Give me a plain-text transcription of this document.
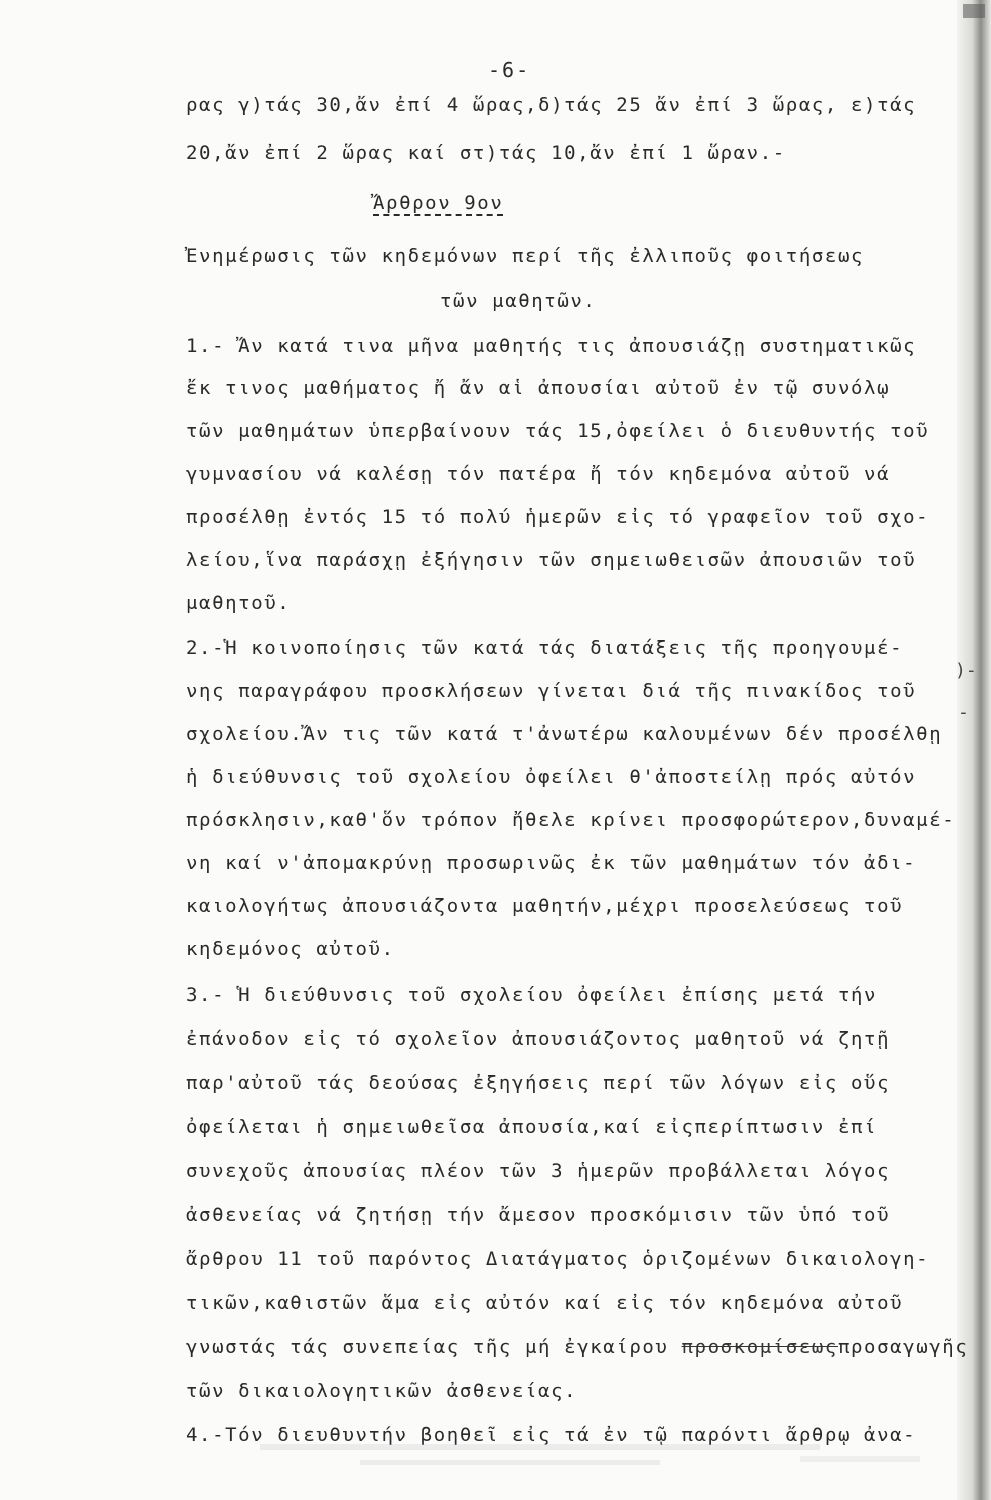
-6-
ρας γ)τάς 30,ἄν ἐπί 4 ὥρας,δ)τάς 25 ἄν ἐπί 3 ὥρας, ε)τάς
20,ἄν ἐπί 2 ὥρας καί στ)τάς 10,ἄν ἐπί 1 ὥραν.-
Ἄρθρον 9ον
Ἐνημέρωσις τῶν κηδεμόνων περί τῆς ἐλλιποῦς φοιτήσεως
τῶν μαθητῶν.
1.- Ἄν κατά τινα μῆνα μαθητής τις ἀπουσιάζῃ συστηματικῶς
ἔκ τινος μαθήματος ἤ ἄν αἱ ἀπουσίαι αὐτοῦ ἐν τῷ συνόλῳ
τῶν μαθημάτων ὑπερβαίνουν τάς 15,ὀφείλει ὁ διευθυντής τοῦ
γυμνασίου νά καλέσῃ τόν πατέρα ἤ τόν κηδεμόνα αὐτοῦ νά
προσέλθῃ ἐντός 15 τό πολύ ἡμερῶν εἰς τό γραφεῖον τοῦ σχο-
λείου,ἵνα παράσχῃ ἐξήγησιν τῶν σημειωθεισῶν ἀπουσιῶν τοῦ
μαθητοῦ.
2.-Ἡ κοινοποίησις τῶν κατά τάς διατάξεις τῆς προηγουμέ-
νης παραγράφου προσκλήσεων γίνεται διά τῆς πινακίδος τοῦ
σχολείου.Ἄν τις τῶν κατά τ'ἀνωτέρω καλουμένων δέν προσέλθῃ
ἡ διεύθυνσις τοῦ σχολείου ὀφείλει θ'ἀποστείλῃ πρός αὐτόν
πρόσκλησιν,καθ'ὅν τρόπον ἤθελε κρίνει προσφορώτερον,δυναμέ-
νη καί ν'ἀπομακρύνῃ προσωρινῶς ἐκ τῶν μαθημάτων τόν ἀδι-
καιολογήτως ἀπουσιάζοντα μαθητήν,μέχρι προσελεύσεως τοῦ
κηδεμόνος αὐτοῦ.
3.- Ἡ διεύθυνσις τοῦ σχολείου ὀφείλει ἐπίσης μετά τήν
ἐπάνοδον εἰς τό σχολεῖον ἀπουσιάζοντος μαθητοῦ νά ζητῇ
παρ'αὐτοῦ τάς δεούσας ἐξηγήσεις περί τῶν λόγων εἰς οὕς
ὀφείλεται ἡ σημειωθεῖσα ἀπουσία,καί εἰςπερίπτωσιν ἐπί
συνεχοῦς ἀπουσίας πλέον τῶν 3 ἡμερῶν προβάλλεται λόγος
ἀσθενείας νά ζητήσῃ τήν ἄμεσον προσκόμισιν τῶν ὑπό τοῦ
ἄρθρου 11 τοῦ παρόντος Διατάγματος ὁριζομένων δικαιολογη-
τικῶν,καθιστῶν ἅμα εἰς αὐτόν καί εἰς τόν κηδεμόνα αὐτοῦ
γνωστάς τάς συνεπείας τῆς μή ἐγκαίρου προσκομίσεωςπροσαγωγῆς
τῶν δικαιολογητικῶν ἀσθενείας.
4.-Τόν διευθυντήν βοηθεῖ εἰς τά ἐν τῷ παρόντι ἄρθρῳ ἀνα-
)-
-
